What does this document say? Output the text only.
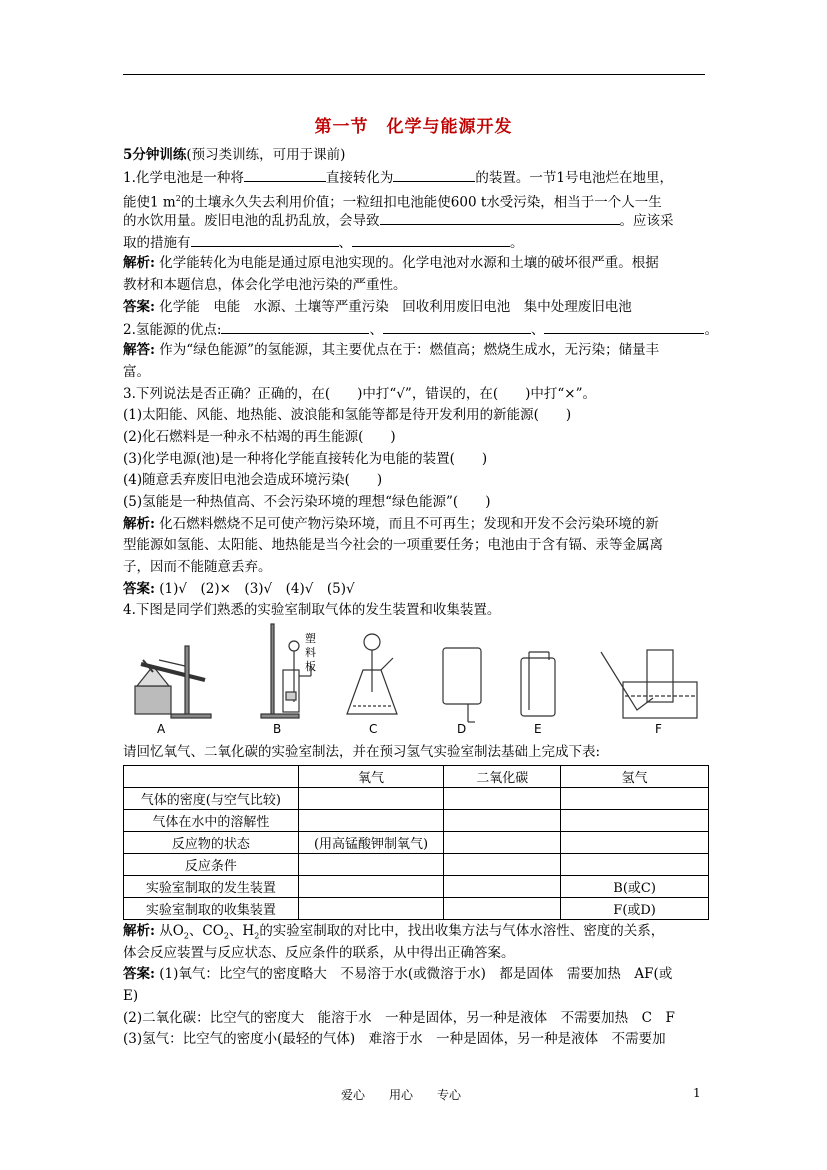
第一节　化学与能源开发
5分钟训练(预习类训练，可用于课前)
1.化学电池是一种将	直接转化为	的装置。一节1号电池烂在地里，
能使1 $m^2$的土壤永久失去利用价值；一粒纽扣电池能使600 t水受污染，相当于一个人一生
的水饮用量。废旧电池的乱扔乱放，会导致	。应该采
取的措施有	、	。
解析: 化学能转化为电能是通过原电池实现的。化学电池对水源和土壤的破坏很严重。根据
教材和本题信息，体会化学电池污染的严重性。
答案: 化学能　电能　水源、土壤等严重污染　回收利用废旧电池　集中处理废旧电池
2.氢能源的优点:	、	、	。
解答: 作为“绿色能源”的氢能源，其主要优点在于：燃值高；燃烧生成水，无污染；储量丰
富。
3.下列说法是否正确？正确的，在(　　)中打“√”，错误的，在(　　)中打“×”。
(1)太阳能、风能、地热能、波浪能和氢能等都是待开发利用的新能源(　　)
(2)化石燃料是一种永不枯竭的再生能源(　　)
(3)化学电源(池)是一种将化学能直接转化为电能的装置(　　)
(4)随意丢弃废旧电池会造成环境污染(　　)
(5)氢能是一种热值高、不会污染环境的理想“绿色能源”(　　)
解析: 化石燃料燃烧不足可使产物污染环境，而且不可再生；发现和开发不会污染环境的新
型能源如氢能、太阳能、地热能是当今社会的一项重要任务；电池由于含有镉、汞等金属离
子，因而不能随意丢弃。
答案: (1)√　(2)×　(3)√　(4)√　(5)√
4.下图是同学们熟悉的实验室制取气体的发生装置和收集装置。
A	B	C	D	E	F
塑
料
板
请回忆氧气、二氧化碳的实验室制法，并在预习氢气实验室制法基础上完成下表:
	氧气	二氧化碳	氢气
气体的密度(与空气比较)			
气体在水中的溶解性			
反应物的状态	(用高锰酸钾制氧气)		
反应条件			
实验室制取的发生装置			B(或C)
实验室制取的收集装置			F(或D)
解析: 从$O_2$、$CO_2$、$H_2$的实验室制取的对比中，找出收集方法与气体水溶性、密度的关系，
体会反应装置与反应状态、反应条件的联系，从中得出正确答案。
答案: (1)氧气：比空气的密度略大　不易溶于水(或微溶于水)　都是固体　需要加热　AF(或
E)
(2)二氧化碳：比空气的密度大　能溶于水　一种是固体，另一种是液体　不需要加热　C　F
(3)氢气：比空气的密度小(最轻的气体)　难溶于水　一种是固体，另一种是液体　不需要加
爱心　　用心　　专心	1
